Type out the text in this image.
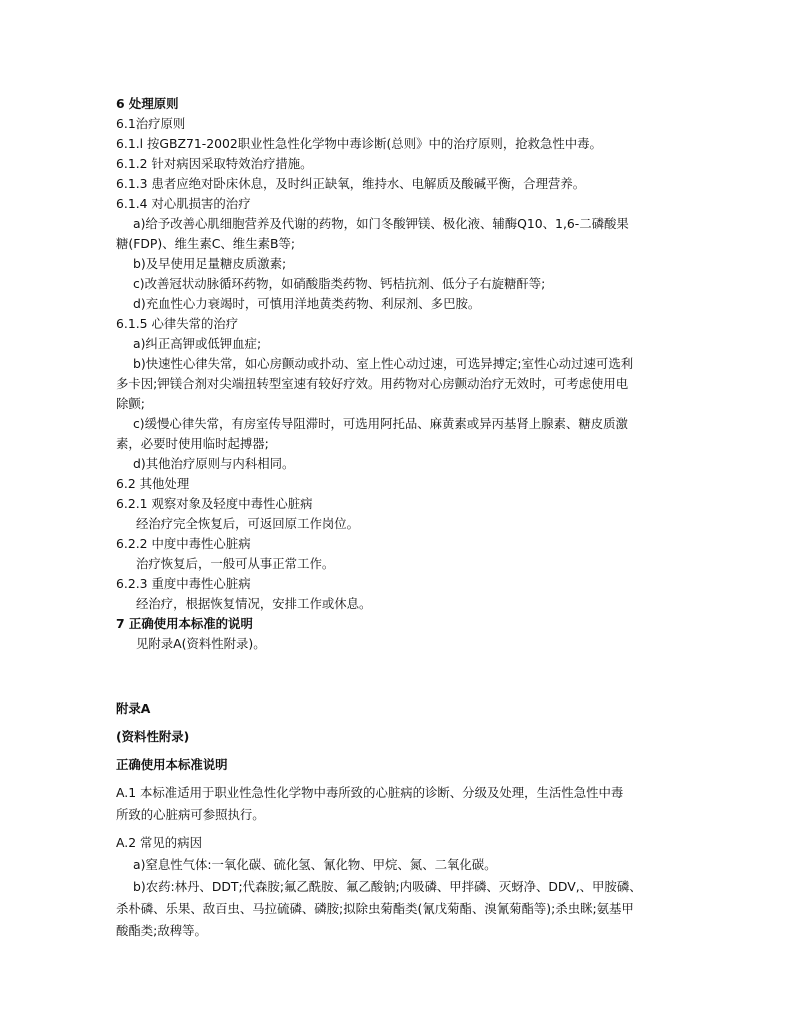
6 处理原则

6.1治疗原则

6.1.l 按GBZ71-2002职业性急性化学物中毒诊断(总则》中的治疗原则，抢救急性中毒。

6.1.2 针对病因采取特效治疗措施。

6.1.3 患者应绝对卧床休息，及时纠正缺氧，维持水、电解质及酸碱平衡，合理营养。

6.1.4 对心肌损害的治疗

a)给予改善心肌细胞营养及代谢的药物，如门冬酸钾镁、极化液、辅酶Q10、1,6-二磷酸果

糖(FDP)、维生素C、维生素B等;

b)及早使用足量糖皮质激素;

c)改善冠状动脉循环药物，如硝酸脂类药物、钙桔抗剂、低分子右旋糖酐等;

d)充血性心力衰竭时，可慎用洋地黄类药物、利尿剂、多巴胺。

6.1.5 心律失常的治疗

a)纠正高钾或低钾血症;

b)快速性心律失常，如心房颤动或扑动、室上性心动过速，可选异搏定;室性心动过速可选利

多卡因;钾镁合剂对尖端扭转型室速有较好疗效。用药物对心房颤动治疗无效时，可考虑使用电

除颤;

c)缓慢心律失常，有房室传导阻滞时，可选用阿托品、麻黄素或异丙基肾上腺素、糖皮质激

素，必要时使用临时起搏器;

d)其他治疗原则与内科相同。

6.2 其他处理

6.2.1 观察对象及轻度中毒性心脏病

经治疗完全恢复后，可返回原工作岗位。

6.2.2 中度中毒性心脏病

治疗恢复后，一般可从事正常工作。

6.2.3 重度中毒性心脏病

经治疗，根据恢复情况，安排工作或休息。

7 正确使用本标准的说明

见附录A(资料性附录)。

附录A

(资料性附录)

正确使用本标准说明

A.1 本标准适用于职业性急性化学物中毒所致的心脏病的诊断、分级及处理，生活性急性中毒

所致的心脏病可参照执行。

A.2 常见的病因

a)窒息性气体:一氧化碳、硫化氢、氰化物、甲烷、氮、二氧化碳。

b)农药:林丹、DDT;代森胺;氟乙酰胺、氟乙酸钠;内吸磷、甲拌磷、灭蚜净、DDV,、甲胺磷、

杀朴磷、乐果、敌百虫、马拉硫磷、磷胺;拟除虫菊酯类(氰戊菊酯、溴氰菊酯等);杀虫眯;氨基甲

酸酯类;敌稗等。
